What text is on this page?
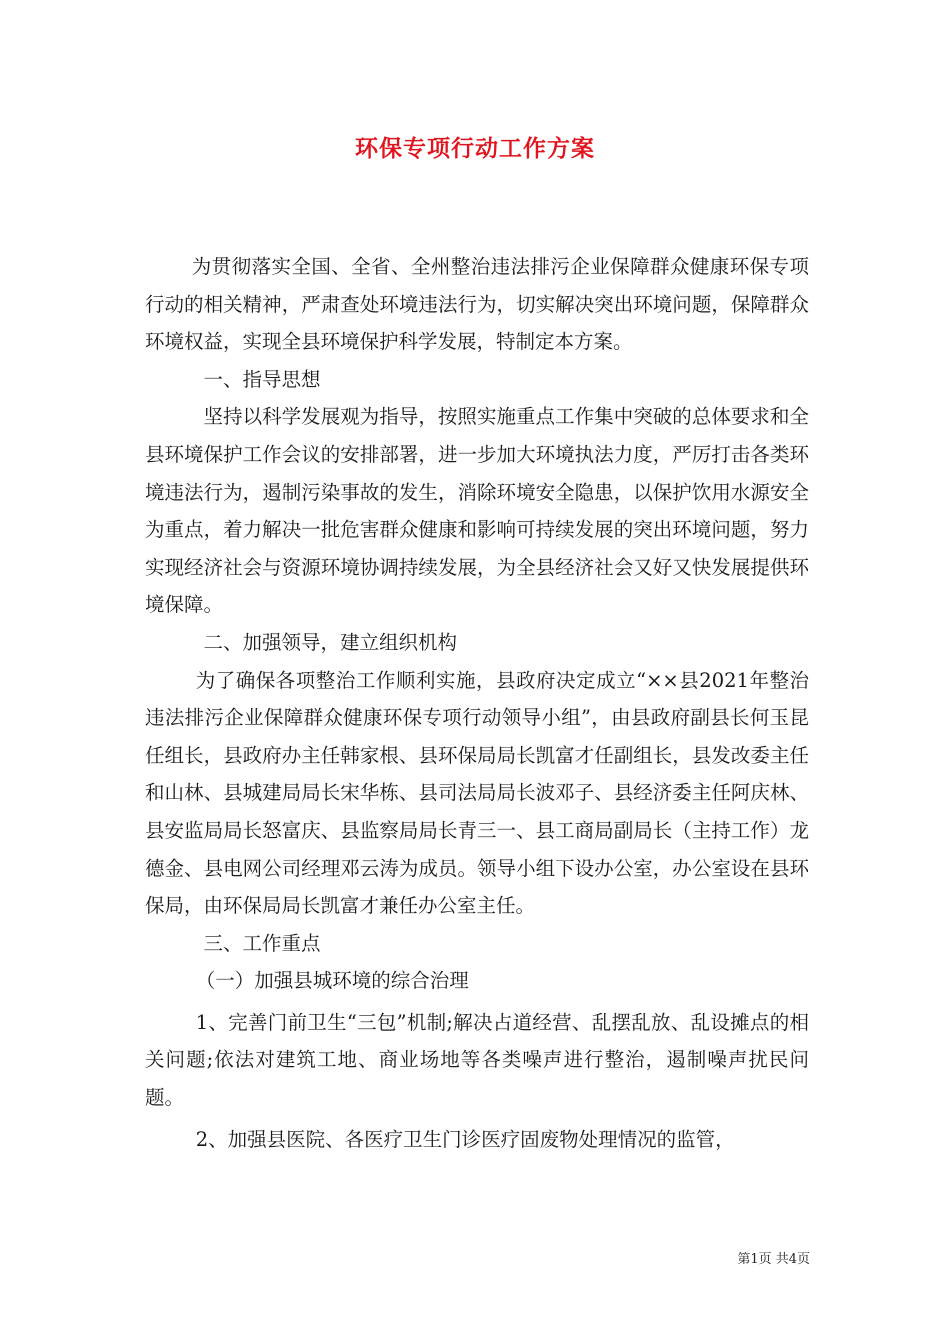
环保专项行动工作方案

为贯彻落实全国、全省、全州整治违法排污企业保障群众健康环保专项行动的相关精神，严肃查处环境违法行为，切实解决突出环境问题，保障群众环境权益，实现全县环境保护科学发展，特制定本方案。

一、指导思想

坚持以科学发展观为指导，按照实施重点工作集中突破的总体要求和全县环境保护工作会议的安排部署，进一步加大环境执法力度，严厉打击各类环境违法行为，遏制污染事故的发生，消除环境安全隐患，以保护饮用水源安全为重点，着力解决一批危害群众健康和影响可持续发展的突出环境问题，努力实现经济社会与资源环境协调持续发展，为全县经济社会又好又快发展提供环境保障。

二、加强领导，建立组织机构

为了确保各项整治工作顺利实施，县政府决定成立“××县2021年整治违法排污企业保障群众健康环保专项行动领导小组”，由县政府副县长何玉昆任组长，县政府办主任韩家根、县环保局局长凯富才任副组长，县发改委主任和山林、县城建局局长宋华栋、县司法局局长波邓子、县经济委主任阿庆林、县安监局局长怒富庆、县监察局局长青三一、县工商局副局长（主持工作）龙德金、县电网公司经理邓云涛为成员。领导小组下设办公室，办公室设在县环保局，由环保局局长凯富才兼任办公室主任。

三、工作重点

（一）加强县城环境的综合治理

1、完善门前卫生“三包”机制;解决占道经营、乱摆乱放、乱设摊点的相关问题;依法对建筑工地、商业场地等各类噪声进行整治，遏制噪声扰民问题。

2、加强县医院、各医疗卫生门诊医疗固废物处理情况的监管，

第1页 共4页
